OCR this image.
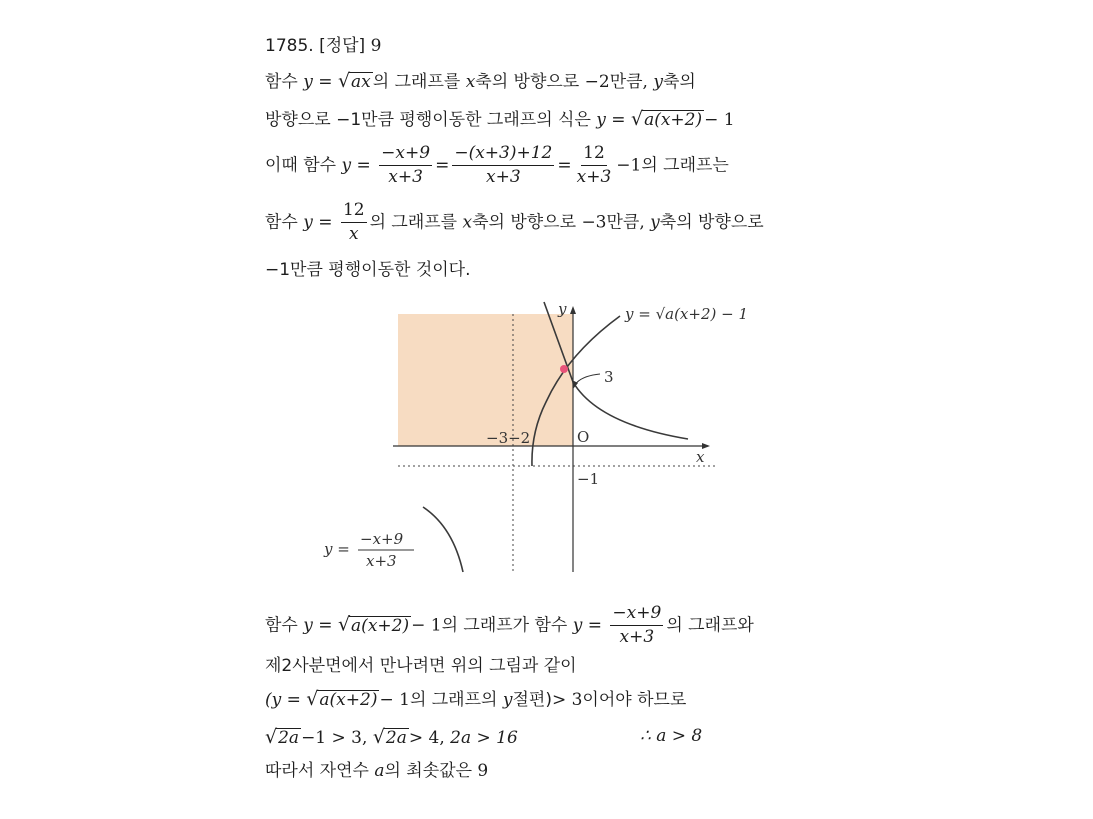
1785. [정답] 9
함수 y = √ax 의 그래프를 x축의 방향으로 −2만큼, y축의
방향으로 −1만큼 평행이동한 그래프의 식은 y = √a(x+2) − 1
이때 함수 $y = \frac{-x+9}{x+3} = \frac{-(x+3)+12}{x+3} = \frac{12}{x+3} -1$의 그래프는
함수 $y = \frac{12}{x}$ 의 그래프를 x축의 방향으로 −3만큼, y축의 방향으로
−1만큼 평행이동한 것이다.
3
y = √a(x+2) − 1
y
x
O
−3−2
−1
y =
−x+9
x+3
함수 y = √a(x+2) − 1의 그래프가 함수 $y = \frac{-x+9}{x+3}$ 의 그래프와
제2사분면에서 만나려면 위의 그림과 같이
(y = √a(x+2) − 1의 그래프의 y절편)> 3이어야 하므로
√2a −1 > 3, √2a > 4, 2a > 16	∴ a > 8
따라서 자연수 a의 최솟값은 9
